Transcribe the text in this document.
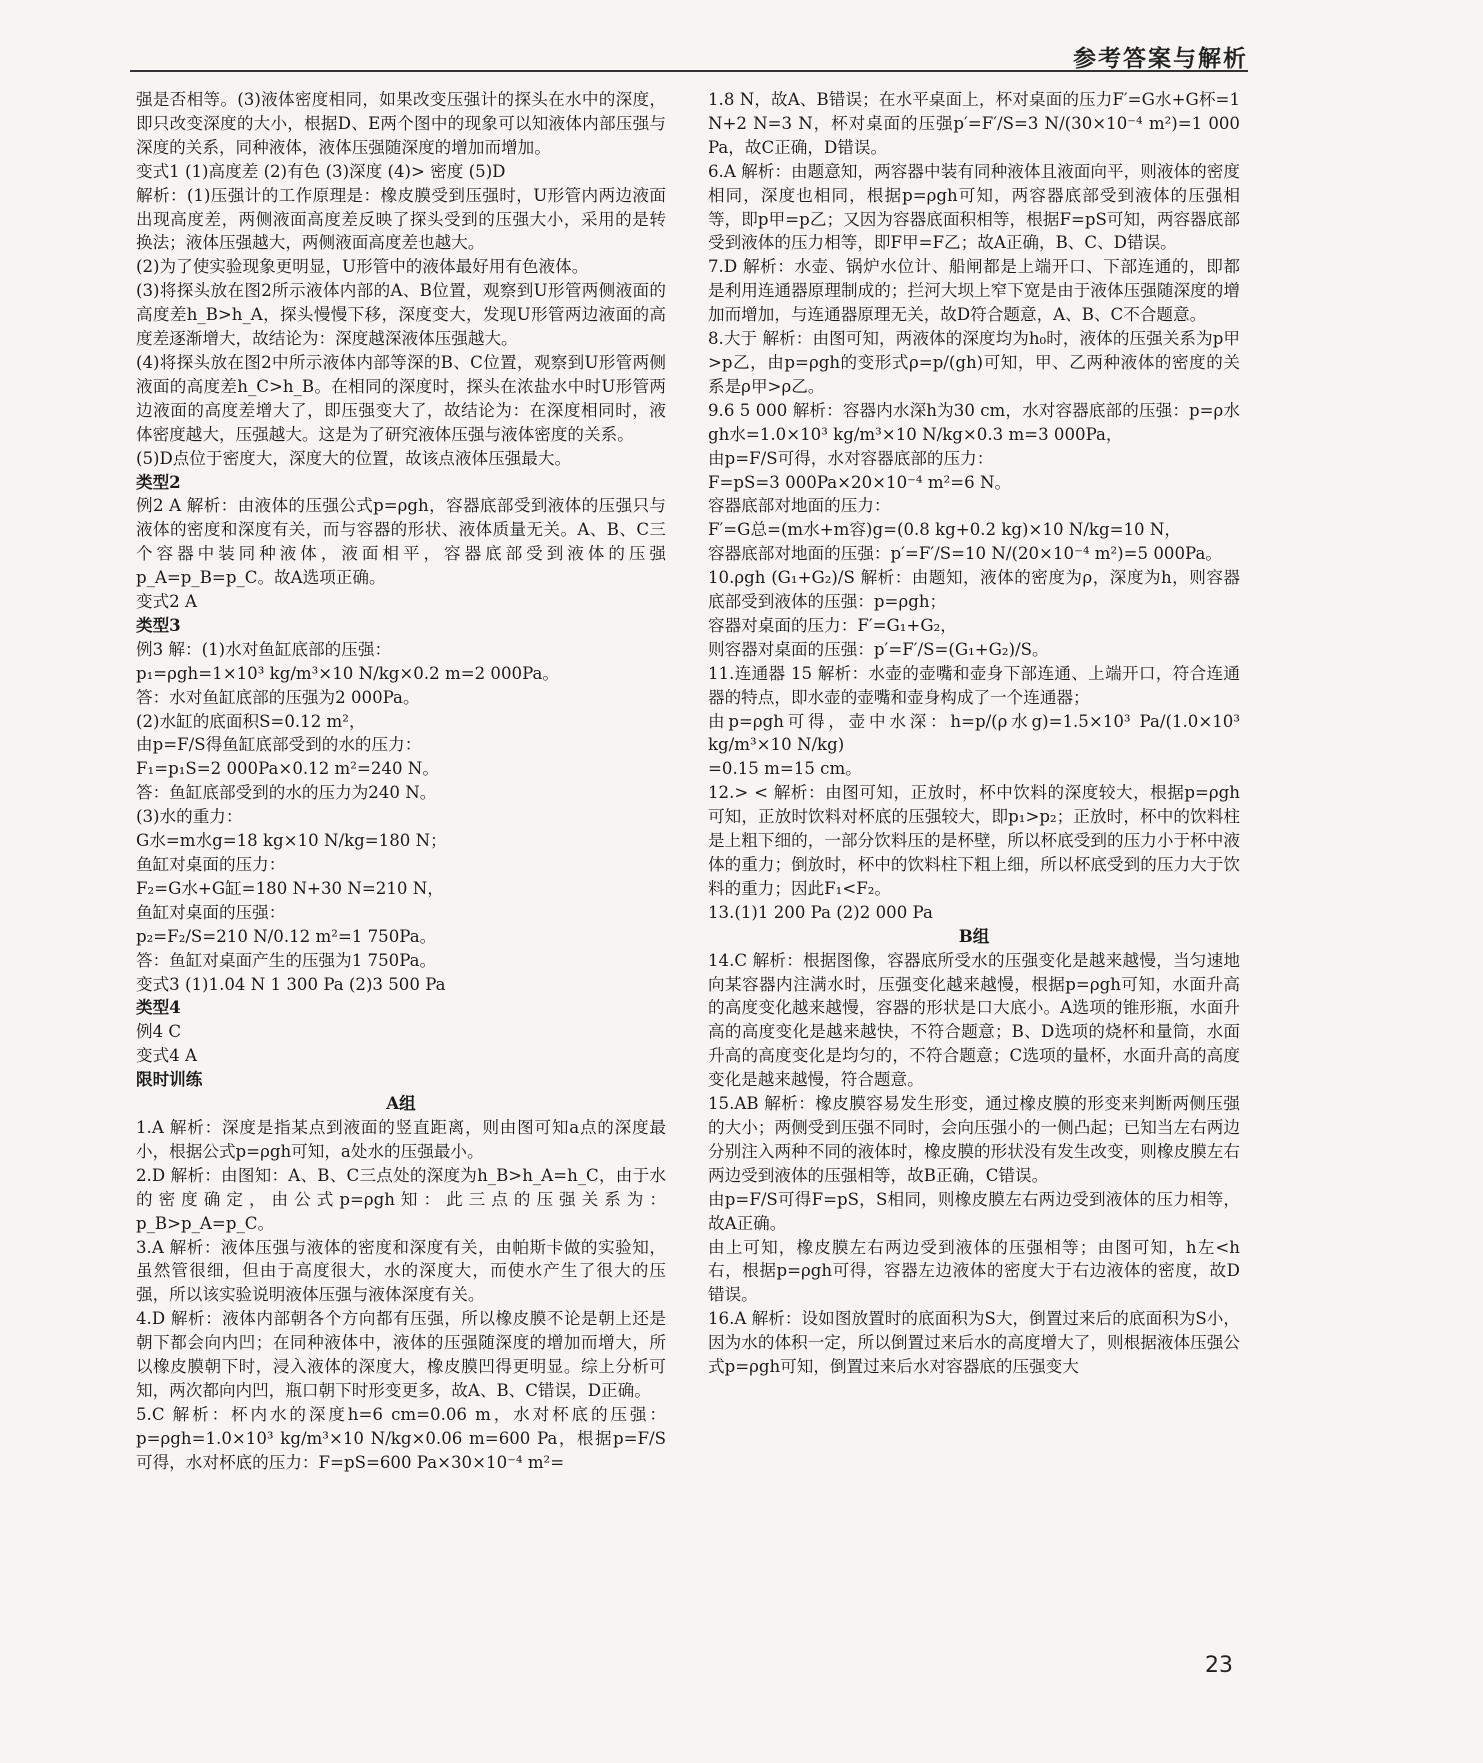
参考答案与解析

强是否相等。(3)液体密度相同，如果改变压强计的探头在水中的深度，即只改变深度的大小，根据D、E两个图中的现象可以知液体内部压强与深度的关系，同种液体，液体压强随深度的增加而增加。

变式1 (1)高度差 (2)有色 (3)深度 (4)> 密度 (5)D

解析：(1)压强计的工作原理是：橡皮膜受到压强时，U形管内两边液面出现高度差，两侧液面高度差反映了探头受到的压强大小，采用的是转换法；液体压强越大，两侧液面高度差也越大。

(2)为了使实验现象更明显，U形管中的液体最好用有色液体。

(3)将探头放在图2所示液体内部的A、B位置，观察到U形管两侧液面的高度差h_B>h_A，探头慢慢下移，深度变大，发现U形管两边液面的高度差逐渐增大，故结论为：深度越深液体压强越大。

(4)将探头放在图2中所示液体内部等深的B、C位置，观察到U形管两侧液面的高度差h_C>h_B。在相同的深度时，探头在浓盐水中时U形管两边液面的高度差增大了，即压强变大了，故结论为：在深度相同时，液体密度越大，压强越大。这是为了研究液体压强与液体密度的关系。

(5)D点位于密度大，深度大的位置，故该点液体压强最大。

类型2

例2 A 解析：由液体的压强公式p=ρgh，容器底部受到液体的压强只与液体的密度和深度有关，而与容器的形状、液体质量无关。A、B、C三个容器中装同种液体，液面相平，容器底部受到液体的压强p_A=p_B=p_C。故A选项正确。

变式2 A

类型3

例3 解：(1)水对鱼缸底部的压强：

p₁=ρgh=1×10³ kg/m³×10 N/kg×0.2 m=2 000Pa。

答：水对鱼缸底部的压强为2 000Pa。

(2)水缸的底面积S=0.12 m²，

由p=F/S得鱼缸底部受到的水的压力：

F₁=p₁S=2 000Pa×0.12 m²=240 N。

答：鱼缸底部受到的水的压力为240 N。

(3)水的重力：

G水=m水g=18 kg×10 N/kg=180 N；

鱼缸对桌面的压力：

F₂=G水+G缸=180 N+30 N=210 N，

鱼缸对桌面的压强：

p₂=F₂/S=210 N/0.12 m²=1 750Pa。

答：鱼缸对桌面产生的压强为1 750Pa。

变式3 (1)1.04 N 1 300 Pa (2)3 500 Pa

类型4

例4 C

变式4 A

限时训练

A组

1.A 解析：深度是指某点到液面的竖直距离，则由图可知a点的深度最小，根据公式p=ρgh可知，a处水的压强最小。

2.D 解析：由图知：A、B、C三点处的深度为h_B>h_A=h_C，由于水的密度确定，由公式p=ρgh知：此三点的压强关系为：p_B>p_A=p_C。

3.A 解析：液体压强与液体的密度和深度有关，由帕斯卡做的实验知，虽然管很细，但由于高度很大，水的深度大，而使水产生了很大的压强，所以该实验说明液体压强与液体深度有关。

4.D 解析：液体内部朝各个方向都有压强，所以橡皮膜不论是朝上还是朝下都会向内凹；在同种液体中，液体的压强随深度的增加而增大，所以橡皮膜朝下时，浸入液体的深度大，橡皮膜凹得更明显。综上分析可知，两次都向内凹，瓶口朝下时形变更多，故A、B、C错误，D正确。

5.C 解析：杯内水的深度h=6 cm=0.06 m，水对杯底的压强：p=ρgh=1.0×10³ kg/m³×10 N/kg×0.06 m=600 Pa，根据p=F/S可得，水对杯底的压力：F=pS=600 Pa×30×10⁻⁴ m²=

1.8 N，故A、B错误；在水平桌面上，杯对桌面的压力F′=G水+G杯=1 N+2 N=3 N，杯对桌面的压强p′=F′/S=3 N/(30×10⁻⁴ m²)=1 000 Pa，故C正确，D错误。

6.A 解析：由题意知，两容器中装有同种液体且液面向平，则液体的密度相同，深度也相同，根据p=ρgh可知，两容器底部受到液体的压强相等，即p甲=p乙；又因为容器底面积相等，根据F=pS可知，两容器底部受到液体的压力相等，即F甲=F乙；故A正确，B、C、D错误。

7.D 解析：水壶、锅炉水位计、船闸都是上端开口、下部连通的，即都是利用连通器原理制成的；拦河大坝上窄下宽是由于液体压强随深度的增加而增加，与连通器原理无关，故D符合题意，A、B、C不合题意。

8.大于 解析：由图可知，两液体的深度均为h₀时，液体的压强关系为p甲>p乙，由p=ρgh的变形式ρ=p/(gh)可知，甲、乙两种液体的密度的关系是ρ甲>ρ乙。

9.6 5 000 解析：容器内水深h为30 cm，水对容器底部的压强：p=ρ水gh水=1.0×10³ kg/m³×10 N/kg×0.3 m=3 000Pa，

由p=F/S可得，水对容器底部的压力：

F=pS=3 000Pa×20×10⁻⁴ m²=6 N。

容器底部对地面的压力：

F′=G总=(m水+m容)g=(0.8 kg+0.2 kg)×10 N/kg=10 N，

容器底部对地面的压强：p′=F′/S=10 N/(20×10⁻⁴ m²)=5 000Pa。

10.ρgh (G₁+G₂)/S 解析：由题知，液体的密度为ρ，深度为h，则容器底部受到液体的压强：p=ρgh；

容器对桌面的压力：F′=G₁+G₂，

则容器对桌面的压强：p′=F′/S=(G₁+G₂)/S。

11.连通器 15 解析：水壶的壶嘴和壶身下部连通、上端开口，符合连通器的特点，即水壶的壶嘴和壶身构成了一个连通器；

由p=ρgh可得，壶中水深：h=p/(ρ水g)=1.5×10³ Pa/(1.0×10³ kg/m³×10 N/kg)

=0.15 m=15 cm。

12.> < 解析：由图可知，正放时，杯中饮料的深度较大，根据p=ρgh可知，正放时饮料对杯底的压强较大，即p₁>p₂；正放时，杯中的饮料柱是上粗下细的，一部分饮料压的是杯壁，所以杯底受到的压力小于杯中液体的重力；倒放时，杯中的饮料柱下粗上细，所以杯底受到的压力大于饮料的重力；因此F₁<F₂。

13.(1)1 200 Pa (2)2 000 Pa

B组

14.C 解析：根据图像，容器底所受水的压强变化是越来越慢，当匀速地向某容器内注满水时，压强变化越来越慢，根据p=ρgh可知，水面升高的高度变化越来越慢，容器的形状是口大底小。A选项的锥形瓶，水面升高的高度变化是越来越快，不符合题意；B、D选项的烧杯和量筒，水面升高的高度变化是均匀的，不符合题意；C选项的量杯，水面升高的高度变化是越来越慢，符合题意。

15.AB 解析：橡皮膜容易发生形变，通过橡皮膜的形变来判断两侧压强的大小；两侧受到压强不同时，会向压强小的一侧凸起；已知当左右两边分别注入两种不同的液体时，橡皮膜的形状没有发生改变，则橡皮膜左右两边受到液体的压强相等，故B正确，C错误。

由p=F/S可得F=pS，S相同，则橡皮膜左右两边受到液体的压力相等，故A正确。

由上可知，橡皮膜左右两边受到液体的压强相等；由图可知，h左<h右，根据p=ρgh可得，容器左边液体的密度大于右边液体的密度，故D错误。

16.A 解析：设如图放置时的底面积为S大，倒置过来后的底面积为S小，因为水的体积一定，所以倒置过来后水的高度增大了，则根据液体压强公式p=ρgh可知，倒置过来后水对容器底的压强变大

23
